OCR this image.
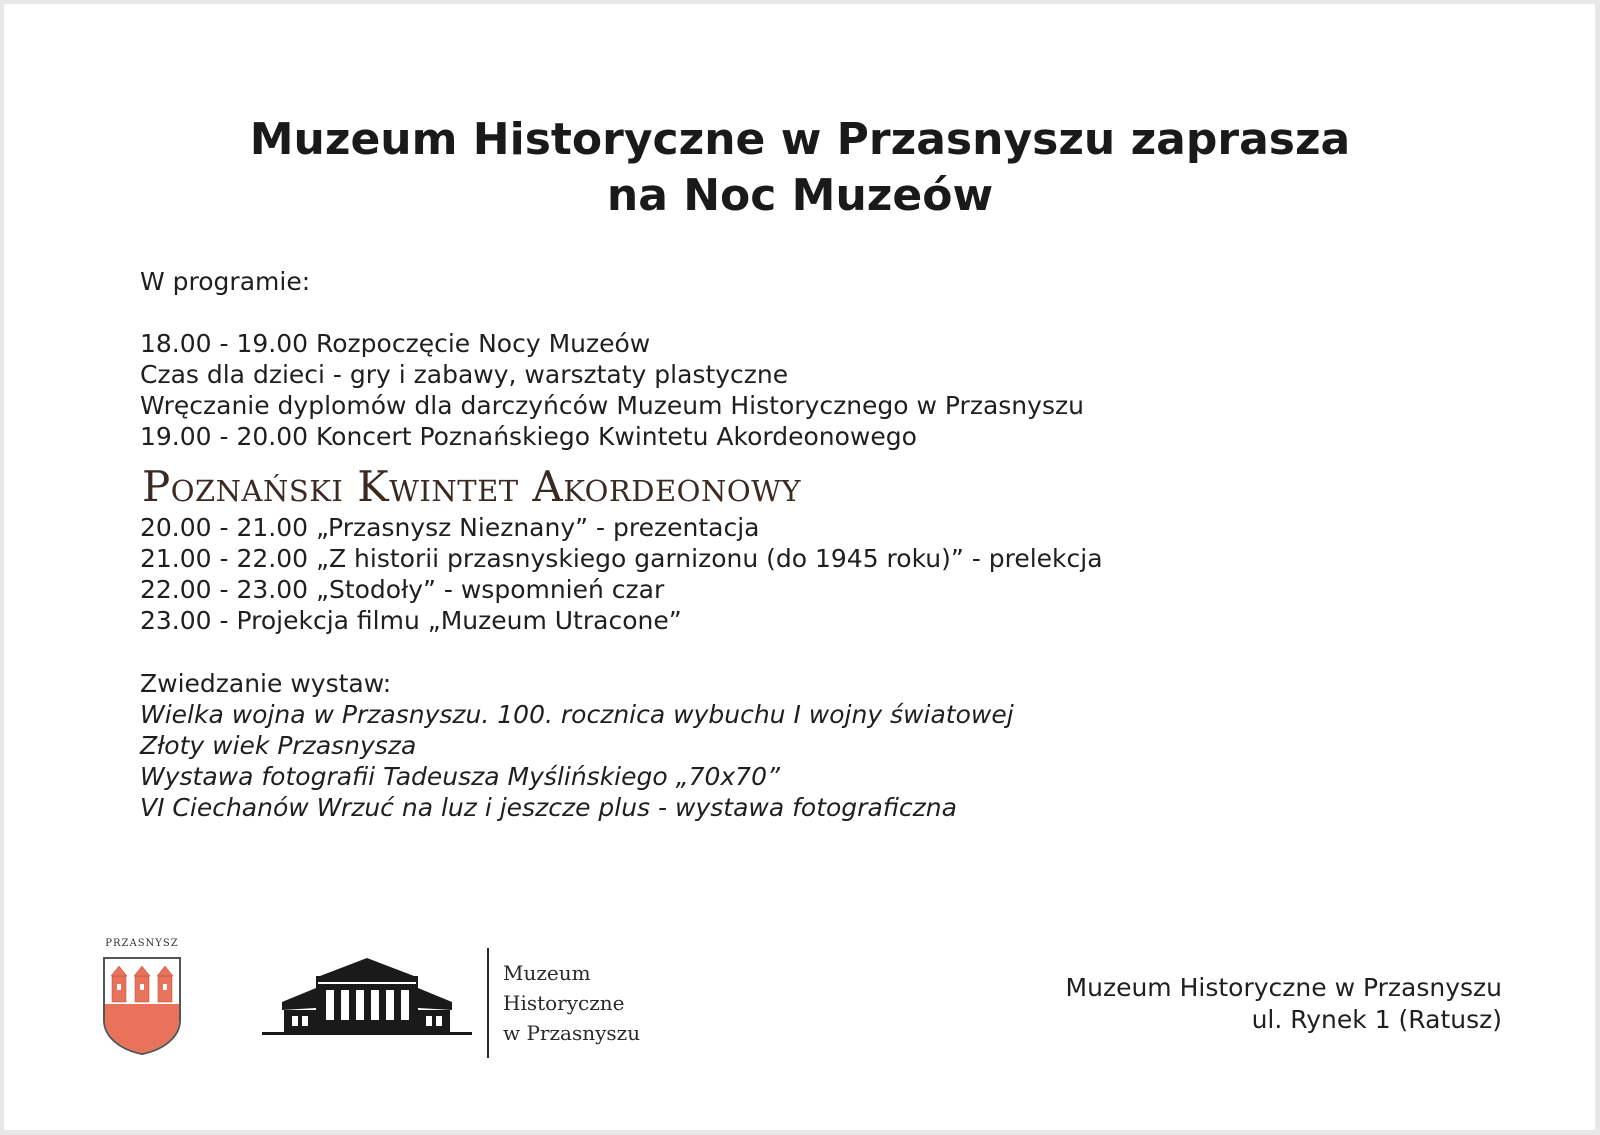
Muzeum Historyczne w Przasnyszu zaprasza
na Noc Muzeów
W programie:
18.00 - 19.00 Rozpoczęcie Nocy Muzeów
Czas dla dzieci - gry i zabawy, warsztaty plastyczne
Wręczanie dyplomów dla darczyńców Muzeum Historycznego w Przasnyszu
19.00 - 20.00 Koncert Poznańskiego Kwintetu Akordeonowego
Poznański Kwintet Akordeonowy
20.00 - 21.00 „Przasnysz Nieznany” - prezentacja
21.00 - 22.00 „Z historii przasnyskiego garnizonu (do 1945 roku)” - prelekcja
22.00 - 23.00 „Stodoły” - wspomnień czar
23.00 - Projekcja filmu „Muzeum Utracone”
Zwiedzanie wystaw:
Wielka wojna w Przasnyszu. 100. rocznica wybuchu I wojny światowej
Złoty wiek Przasnysza
Wystawa fotografii Tadeusza Myślińskiego „70x70”
VI Ciechanów Wrzuć na luz i jeszcze plus - wystawa fotograficzna
PRZASNYSZ
Muzeum
Historyczne
w Przasnyszu
Muzeum Historyczne w Przasnyszu
ul. Rynek 1 (Ratusz)
